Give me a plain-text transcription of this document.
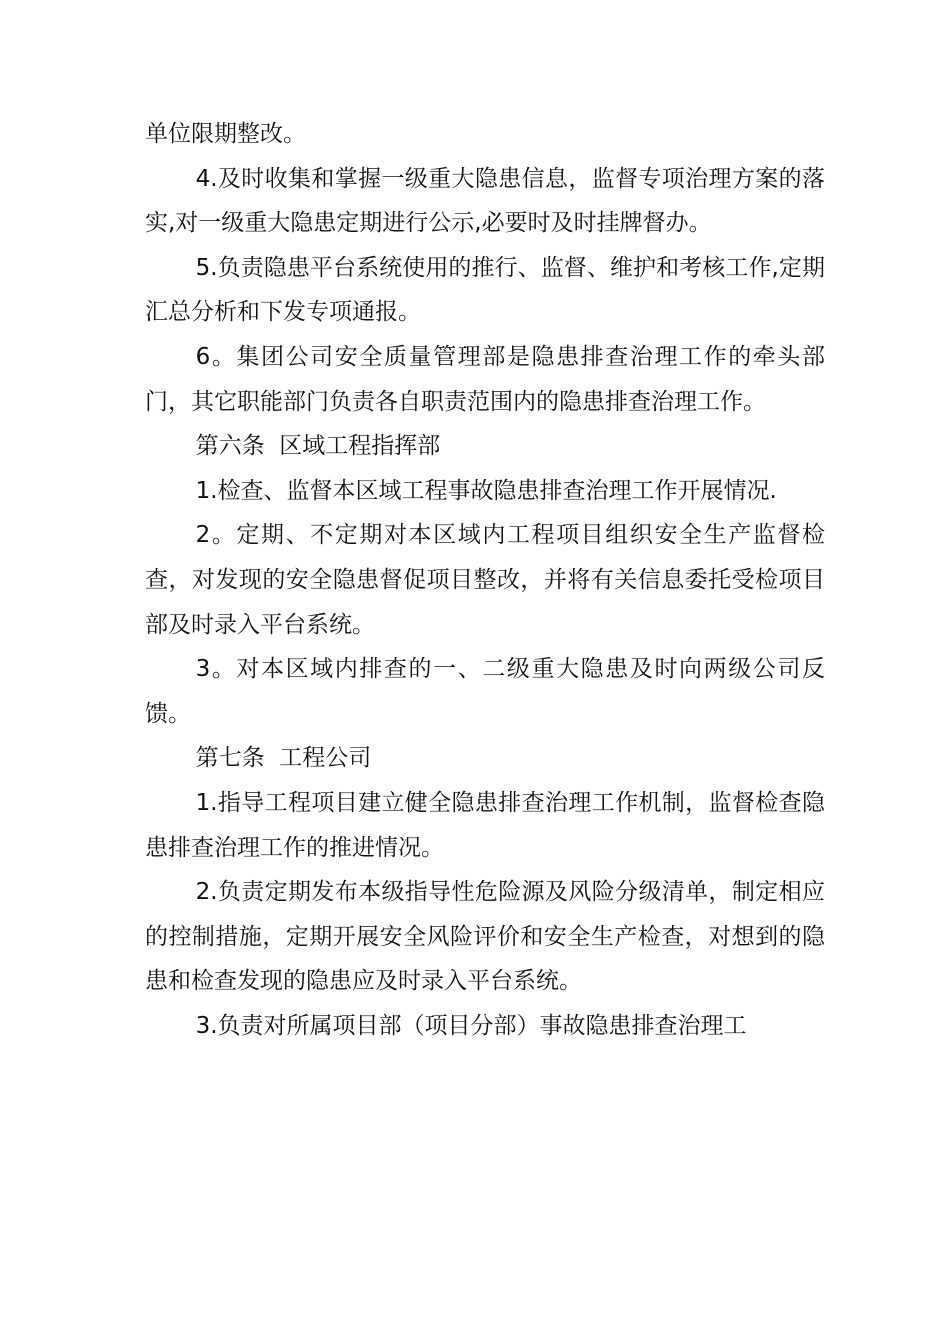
单位限期整改。

4.及时收集和掌握一级重大隐患信息，监督专项治理方案的落实,对一级重大隐患定期进行公示,必要时及时挂牌督办。

5.负责隐患平台系统使用的推行、监督、维护和考核工作,定期汇总分析和下发专项通报。

6。集团公司安全质量管理部是隐患排查治理工作的牵头部门，其它职能部门负责各自职责范围内的隐患排查治理工作。

第六条  区域工程指挥部

1.检查、监督本区域工程事故隐患排查治理工作开展情况.

2。定期、不定期对本区域内工程项目组织安全生产监督检查，对发现的安全隐患督促项目整改，并将有关信息委托受检项目部及时录入平台系统。

3。对本区域内排查的一、二级重大隐患及时向两级公司反馈。

第七条  工程公司

1.指导工程项目建立健全隐患排查治理工作机制，监督检查隐患排查治理工作的推进情况。

2.负责定期发布本级指导性危险源及风险分级清单，制定相应的控制措施，定期开展安全风险评价和安全生产检查，对想到的隐患和检查发现的隐患应及时录入平台系统。

3.负责对所属项目部（项目分部）事故隐患排查治理工
